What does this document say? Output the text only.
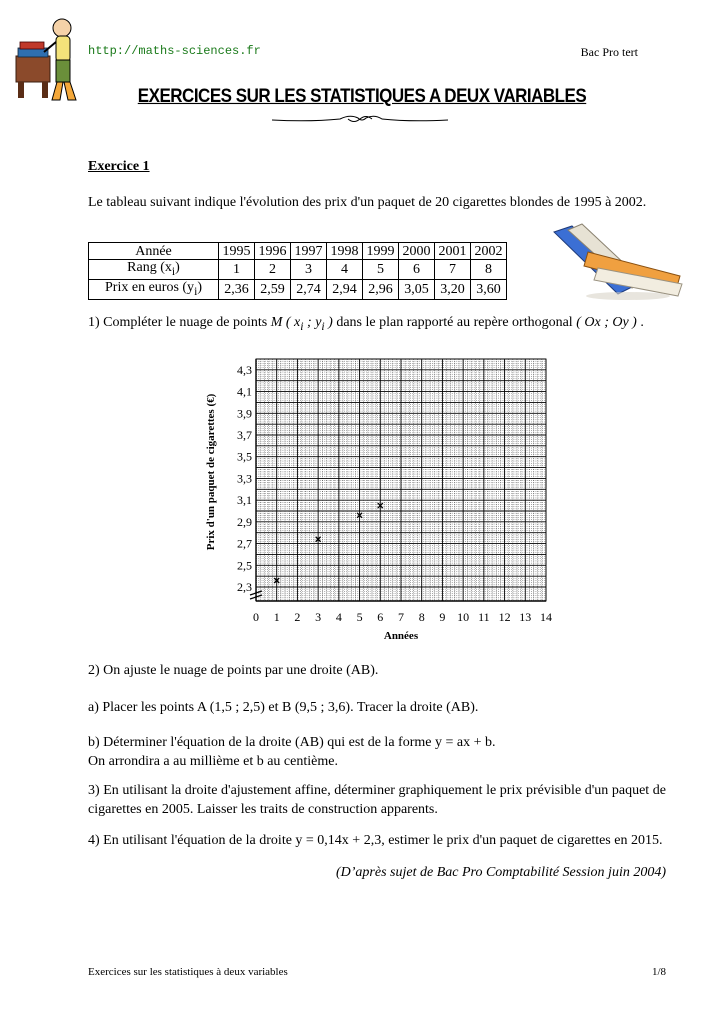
http://maths-sciences.fr	Bac Pro tert
EXERCICES SUR LES STATISTIQUES A DEUX VARIABLES
Exercice 1
Le tableau suivant indique l'évolution des prix d'un paquet de 20 cigarettes blondes de 1995 à 2002.
Année	1995	1996	1997	1998	1999	2000	2001	2002
Rang $(x_i)$	1	2	3	4	5	6	7	8
Prix en euros $(y_i)$	2,36	2,59	2,74	2,94	2,96	3,05	3,20	3,60
1) Compléter le nuage de points M ( $x_i$ ; $y_i$ ) dans le plan rapporté au repère orthogonal ( Ox ; Oy ) .
0 1 2 3 4 5 6 7 8 9 10 11 12 13 14
2,3
2,5
2,7
2,9
3,1
3,3
3,5
3,7
3,9
4,1
4,3
Prix d'un paquet de cigarettes (€)
Années
2) On ajuste le nuage de points par une droite (AB).
a) Placer les points A (1,5 ; 2,5) et B (9,5 ; 3,6). Tracer la droite (AB).
b) Déterminer l'équation de la droite (AB) qui est de la forme y = ax + b.
On arrondira a au millième et b au centième.
3) En utilisant la droite d'ajustement affine, déterminer graphiquement le prix prévisible d'un paquet de cigarettes en 2005. Laisser les traits de construction apparents.
4) En utilisant l'équation de la droite y = 0,14x + 2,3, estimer le prix d'un paquet de cigarettes en 2015.
(D’après sujet de Bac Pro Comptabilité Session juin 2004)
Exercices sur les statistiques à deux variables	1/8
